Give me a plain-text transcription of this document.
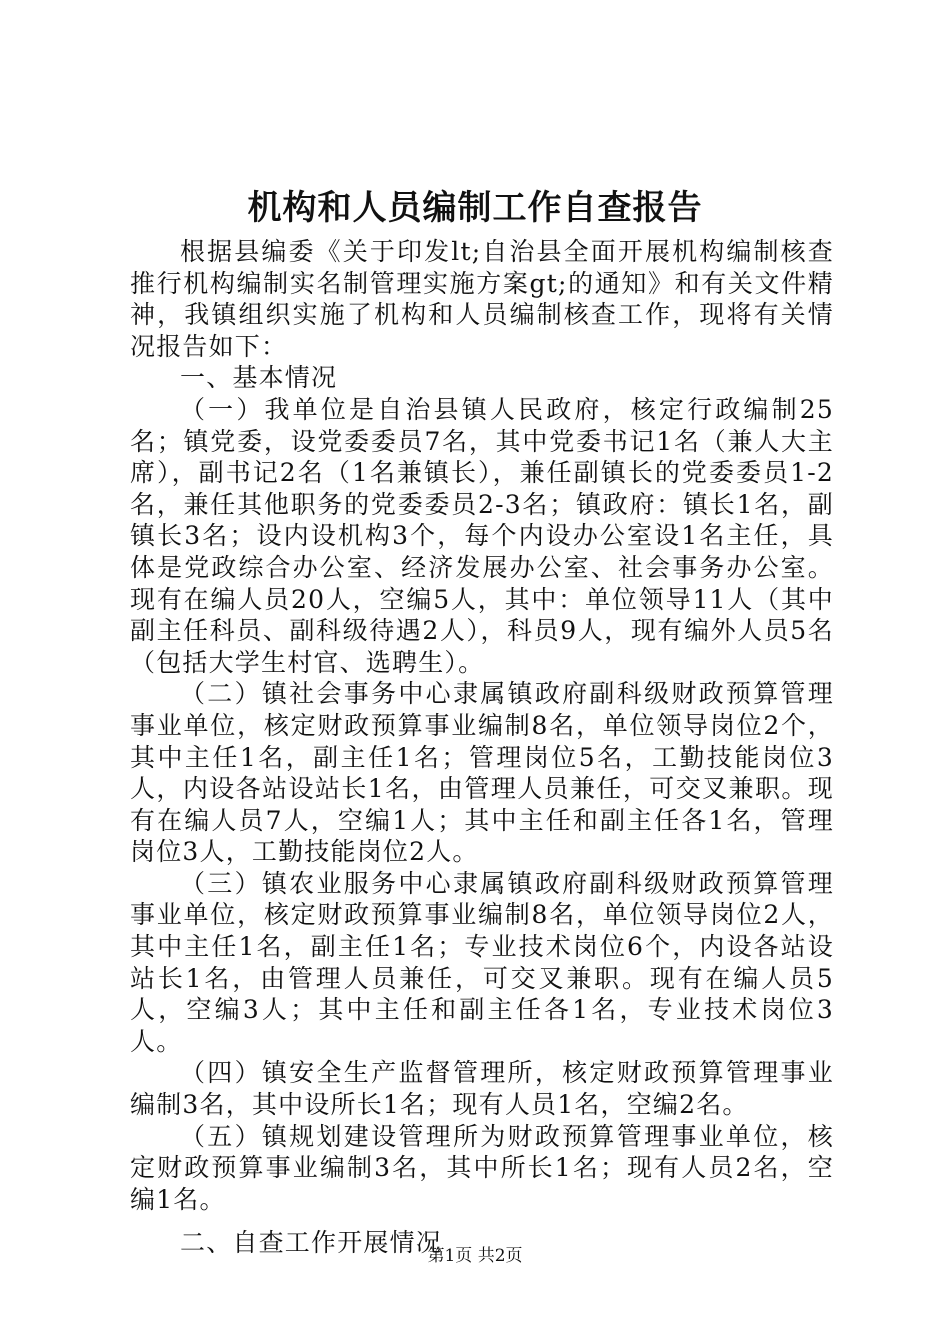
机构和人员编制工作自查报告

根据县编委《关于印发lt;自治县全面开展机构编制核查推行机构编制实名制管理实施方案gt;的通知》和有关文件精神，我镇组织实施了机构和人员编制核查工作，现将有关情况报告如下：

一、基本情况

（一）我单位是自治县镇人民政府，核定行政编制25名；镇党委，设党委委员7名，其中党委书记1名（兼人大主席），副书记2名（1名兼镇长），兼任副镇长的党委委员1-2名，兼任其他职务的党委委员2-3名；镇政府：镇长1名，副镇长3名；设内设机构3个，每个内设办公室设1名主任，具体是党政综合办公室、经济发展办公室、社会事务办公室。现有在编人员20人，空编5人，其中：单位领导11人（其中副主任科员、副科级待遇2人），科员9人，现有编外人员5名（包括大学生村官、选聘生）。

（二）镇社会事务中心隶属镇政府副科级财政预算管理事业单位，核定财政预算事业编制8名，单位领导岗位2个，其中主任1名，副主任1名；管理岗位5名，工勤技能岗位3人，内设各站设站长1名，由管理人员兼任，可交叉兼职。现有在编人员7人，空编1人；其中主任和副主任各1名，管理岗位3人，工勤技能岗位2人。

（三）镇农业服务中心隶属镇政府副科级财政预算管理事业单位，核定财政预算事业编制8名，单位领导岗位2人，其中主任1名，副主任1名；专业技术岗位6个，内设各站设站长1名，由管理人员兼任，可交叉兼职。现有在编人员5人，空编3人；其中主任和副主任各1名，专业技术岗位3人。

（四）镇安全生产监督管理所，核定财政预算管理事业编制3名，其中设所长1名；现有人员1名，空编2名。

（五）镇规划建设管理所为财政预算管理事业单位，核定财政预算事业编制3名，其中所长1名；现有人员2名，空编1名。

二、自查工作开展情况

第1页 共2页
